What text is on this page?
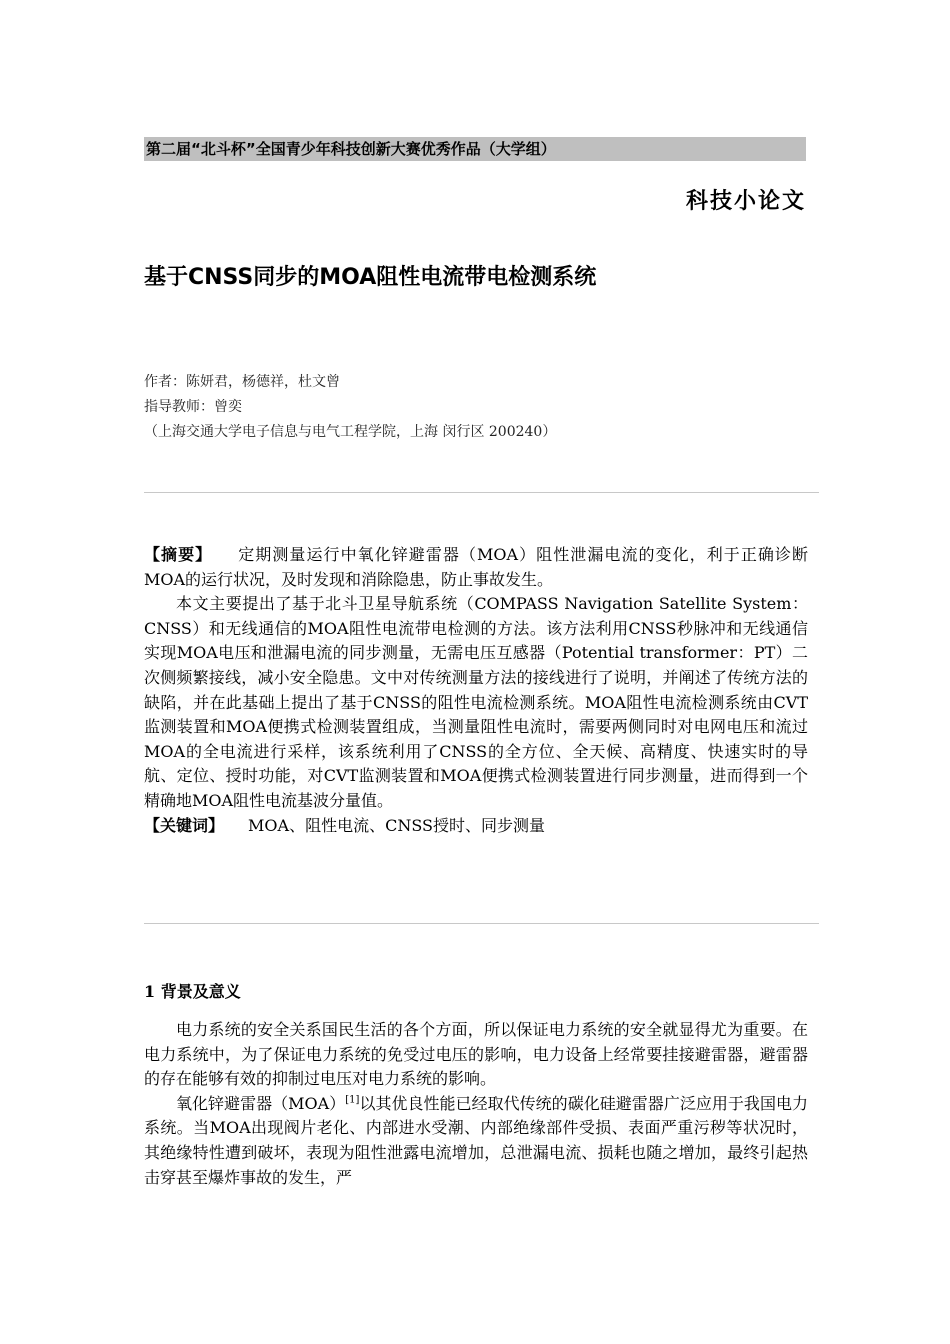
第二届“北斗杯”全国青少年科技创新大赛优秀作品（大学组）
科技小论文
基于CNSS同步的MOA阻性电流带电检测系统
作者：陈妍君，杨德祥，杜文曾
指导教师：曾奕
（上海交通大学电子信息与电气工程学院，上海 闵行区 200240）

【摘要】 定期测量运行中氧化锌避雷器（MOA）阻性泄漏电流的变化，利于正确诊断MOA的运行状况，及时发现和消除隐患，防止事故发生。

本文主要提出了基于北斗卫星导航系统（COMPASS Navigation Satellite System：CNSS）和无线通信的MOA阻性电流带电检测的方法。该方法利用CNSS秒脉冲和无线通信实现MOA电压和泄漏电流的同步测量，无需电压互感器（Potential transformer：PT）二次侧频繁接线，减小安全隐患。文中对传统测量方法的接线进行了说明，并阐述了传统方法的缺陷，并在此基础上提出了基于CNSS的阻性电流检测系统。MOA阻性电流检测系统由CVT监测装置和MOA便携式检测装置组成，当测量阻性电流时，需要两侧同时对电网电压和流过MOA的全电流进行采样，该系统利用了CNSS的全方位、全天候、高精度、快速实时的导航、定位、授时功能，对CVT监测装置和MOA便携式检测装置进行同步测量，进而得到一个精确地MOA阻性电流基波分量值。

【关键词】 MOA、阻性电流、CNSS授时、同步测量

1 背景及意义

电力系统的安全关系国民生活的各个方面，所以保证电力系统的安全就显得尤为重要。在电力系统中，为了保证电力系统的免受过电压的影响，电力设备上经常要挂接避雷器，避雷器的存在能够有效的抑制过电压对电力系统的影响。

氧化锌避雷器（MOA）[1]以其优良性能已经取代传统的碳化硅避雷器广泛应用于我国电力系统。当MOA出现阀片老化、内部进水受潮、内部绝缘部件受损、表面严重污秽等状况时，其绝缘特性遭到破坏，表现为阻性泄露电流增加，总泄漏电流、损耗也随之增加，最终引起热击穿甚至爆炸事故的发生，严
